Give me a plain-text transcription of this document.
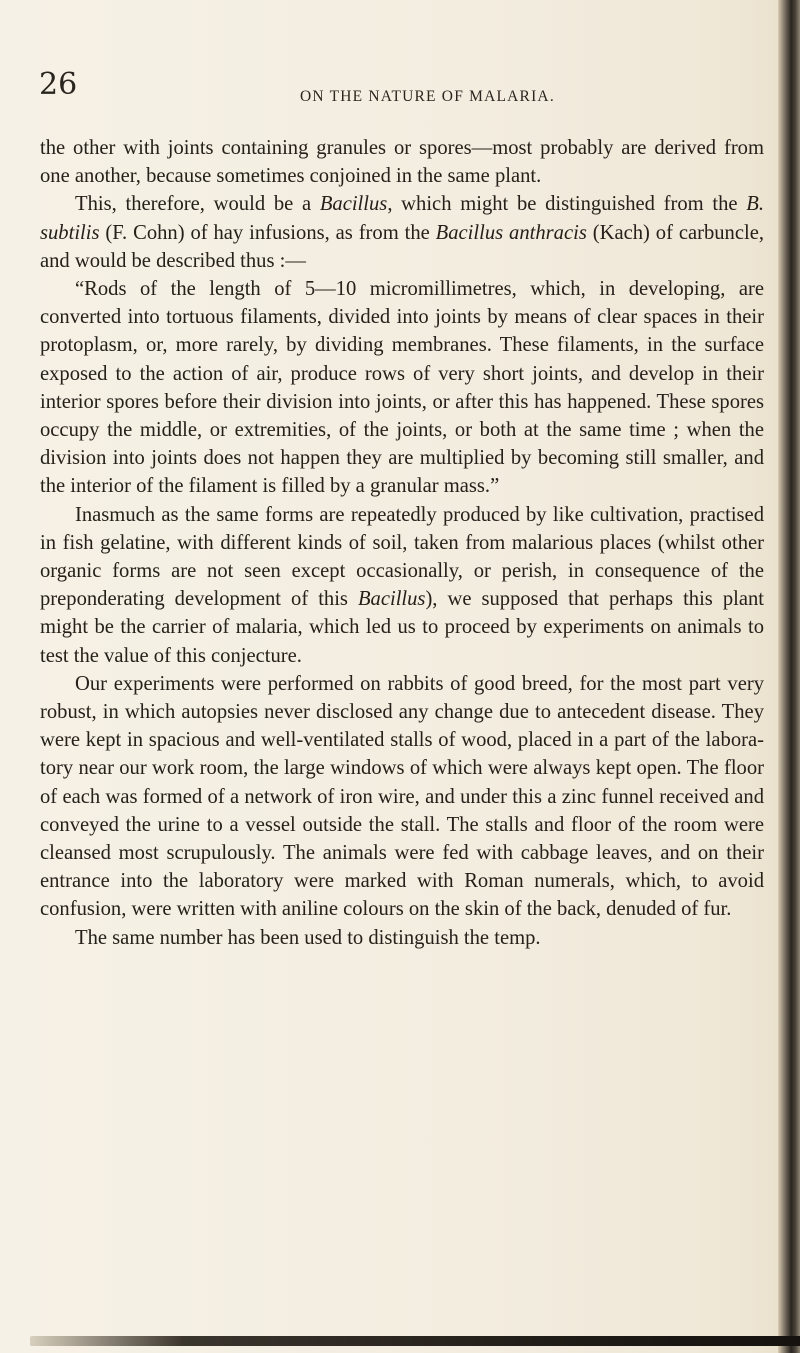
26	ON THE NATURE OF MALARIA.

the other with joints containing granules or spores—most probably are derived from one another, because sometimes conjoined in the same plant.

This, therefore, would be a Bacillus, which might be distinguished from the B. subtilis (F. Cohn) of hay infusions, as from the Bacillus anthracis (Kach) of carbuncle, and would be described thus :—

“Rods of the length of 5—10 micromillimetres, which, in developing, are converted into tortuous filaments, divided into joints by means of clear spaces in their protoplasm, or, more rarely, by dividing membranes. These filaments, in the surface exposed to the action of air, produce rows of very short joints, and develop in their interior spores before their division into joints, or after this has happened. These spores occupy the middle, or extremities, of the joints, or both at the same time ; when the division into joints does not happen they are multiplied by becoming still smaller, and the interior of the filament is filled by a granular mass.”

Inasmuch as the same forms are repeatedly produced by like cultivation, practised in fish gelatine, with different kinds of soil, taken from malarious places (whilst other organic forms are not seen except occasionally, or perish, in consequence of the preponderating development of this Bacillus), we supposed that perhaps this plant might be the carrier of malaria, which led us to proceed by experiments on animals to test the value of this conjecture.

Our experiments were performed on rabbits of good breed, for the most part very robust, in which autopsies never disclosed any change due to antecedent disease. They were kept in spacious and well-ventilated stalls of wood, placed in a part of the laboratory near our work room, the large windows of which were always kept open. The floor of each was formed of a network of iron wire, and under this a zinc funnel received and conveyed the urine to a vessel outside the stall. The stalls and floor of the room were cleansed most scrupulously. The animals were fed with cabbage leaves, and on their entrance into the laboratory were marked with Roman numerals, which, to avoid confusion, were written with aniline colours on the skin of the back, denuded of fur.

The same number has been used to distinguish the temp.
